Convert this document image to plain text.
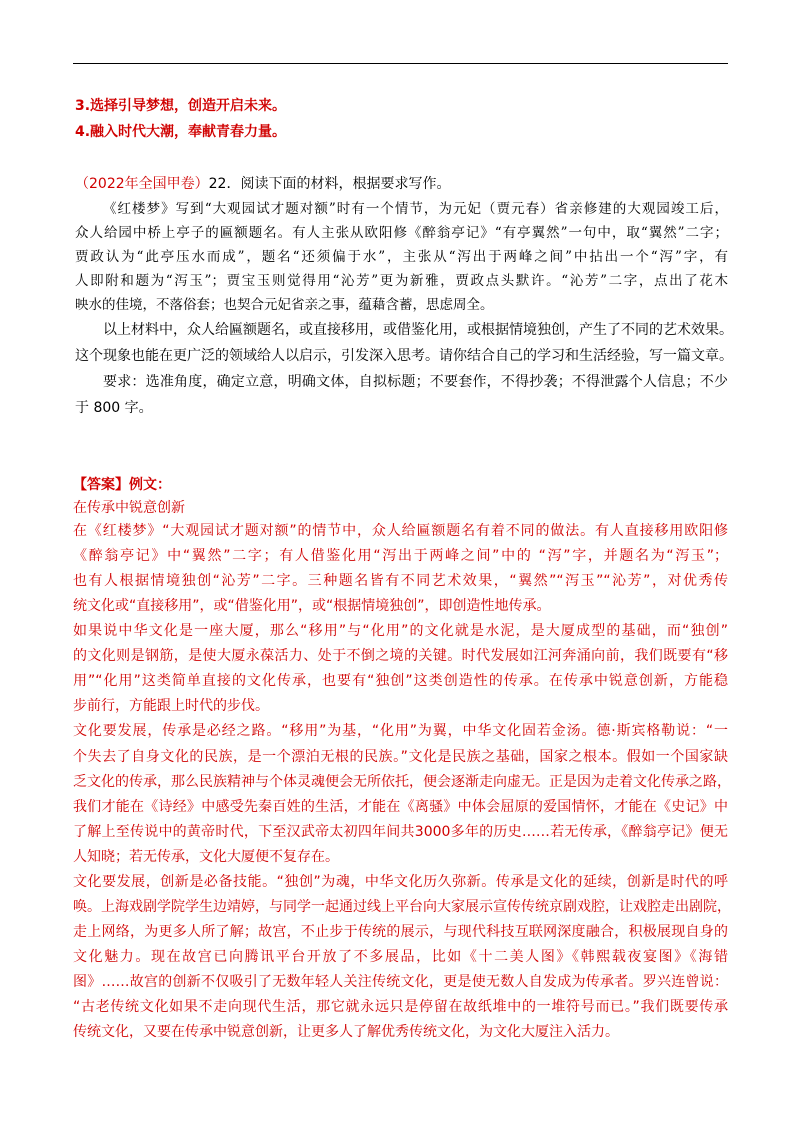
3.选择引导梦想，创造开启未来。
4.融入时代大潮，奉献青春力量。
（2022年全国甲卷）22．阅读下面的材料，根据要求写作。
《红楼梦》写到“大观园试才题对额”时有一个情节，为元妃（贾元春）省亲修建的大观园竣工后，
众人给园中桥上亭子的匾额题名。有人主张从欧阳修《醉翁亭记》“有亭翼然”一句中，取“翼然”二字；
贾政认为“此亭压水而成”，题名“还须偏于水”，主张从“泻出于两峰之间”中拈出一个“泻”字，有
人即附和题为“泻玉”；贾宝玉则觉得用“沁芳”更为新雅，贾政点头默许。“沁芳”二字，点出了花木
映水的佳境，不落俗套；也契合元妃省亲之事，蕴藉含蓄，思虑周全。
以上材料中，众人给匾额题名，或直接移用，或借鉴化用，或根据情境独创，产生了不同的艺术效果。
这个现象也能在更广泛的领域给人以启示，引发深入思考。请你结合自己的学习和生活经验，写一篇文章。
要求：选准角度，确定立意，明确文体，自拟标题；不要套作，不得抄袭；不得泄露个人信息；不少
于 800 字。
【答案】例文：
在传承中锐意创新
在《红楼梦》“大观园试才题对额”的情节中，众人给匾额题名有着不同的做法。有人直接移用欧阳修
《醉翁亭记》中“翼然”二字；有人借鉴化用“泻出于两峰之间”中的 “泻”字，并题名为“泻玉”；
也有人根据情境独创“沁芳”二字。三种题名皆有不同艺术效果，“翼然”“泻玉”“沁芳”，对优秀传
统文化或“直接移用”，或“借鉴化用”，或“根据情境独创”，即创造性地传承。
如果说中华文化是一座大厦，那么“移用”与“化用”的文化就是水泥，是大厦成型的基础，而“独创”
的文化则是钢筋，是使大厦永葆活力、处于不倒之境的关键。时代发展如江河奔涌向前，我们既要有“移
用”“化用”这类简单直接的文化传承，也要有“独创”这类创造性的传承。在传承中锐意创新，方能稳
步前行，方能跟上时代的步伐。
文化要发展，传承是必经之路。“移用”为基，“化用”为翼，中华文化固若金汤。德·斯宾格勒说：“一
个失去了自身文化的民族，是一个漂泊无根的民族。”文化是民族之基础，国家之根本。假如一个国家缺
乏文化的传承，那么民族精神与个体灵魂便会无所依托，便会逐渐走向虚无。正是因为走着文化传承之路，
我们才能在《诗经》中感受先秦百姓的生活，才能在《离骚》中体会屈原的爱国情怀，才能在《史记》中
了解上至传说中的黄帝时代，下至汉武帝太初四年间共3000多年的历史……若无传承，《醉翁亭记》便无
人知晓；若无传承，文化大厦便不复存在。
文化要发展，创新是必备技能。“独创”为魂，中华文化历久弥新。传承是文化的延续，创新是时代的呼
唤。上海戏剧学院学生边靖婷，与同学一起通过线上平台向大家展示宣传传统京剧戏腔，让戏腔走出剧院，
走上网络，为更多人所了解；故宫，不止步于传统的展示，与现代科技互联网深度融合，积极展现自身的
文化魅力。现在故宫已向腾讯平台开放了不多展品，比如《十二美人图》《韩熙载夜宴图》《海错
图》……故宫的创新不仅吸引了无数年轻人关注传统文化，更是使无数人自发成为传承者。罗兴连曾说：
“古老传统文化如果不走向现代生活，那它就永远只是停留在故纸堆中的一堆符号而已。”我们既要传承
传统文化，又要在传承中锐意创新，让更多人了解优秀传统文化，为文化大厦注入活力。
